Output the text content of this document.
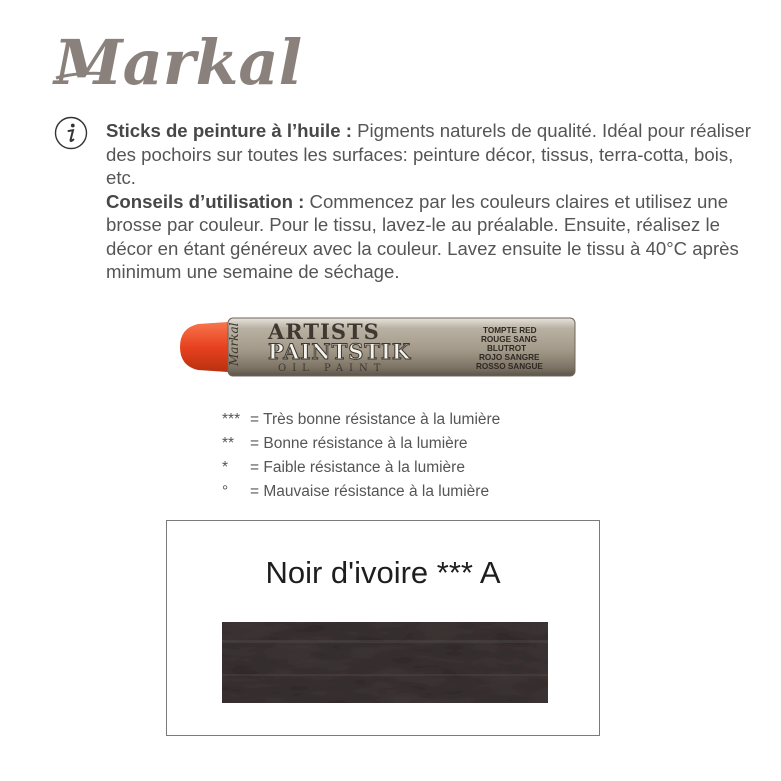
Markal

Sticks de peinture à l’huile : Pigments naturels de qualité. Idéal pour réaliser des pochoirs sur toutes les surfaces: peinture décor, tissus, terra-cotta, bois, etc.

Conseils d’utilisation : Commencez par les couleurs claires et utilisez une brosse par couleur. Pour le tissu, lavez-le au préalable. Ensuite, réalisez le décor en étant généreux avec la couleur. Lavez ensuite le tissu à 40°C après minimum une semaine de séchage.

Markal ARTISTS
PAINTSTIK
OIL PAINT
TOMPTE RED
ROUGE SANG
BLUTROT
ROJO SANGRE
ROSSO SANGUE
*** = Très bonne résistance à la lumière
**	= Bonne résistance à la lumière
*	= Faible résistance à la lumière
°	= Mauvaise résistance à la lumière
Noir d'ivoire *** A
